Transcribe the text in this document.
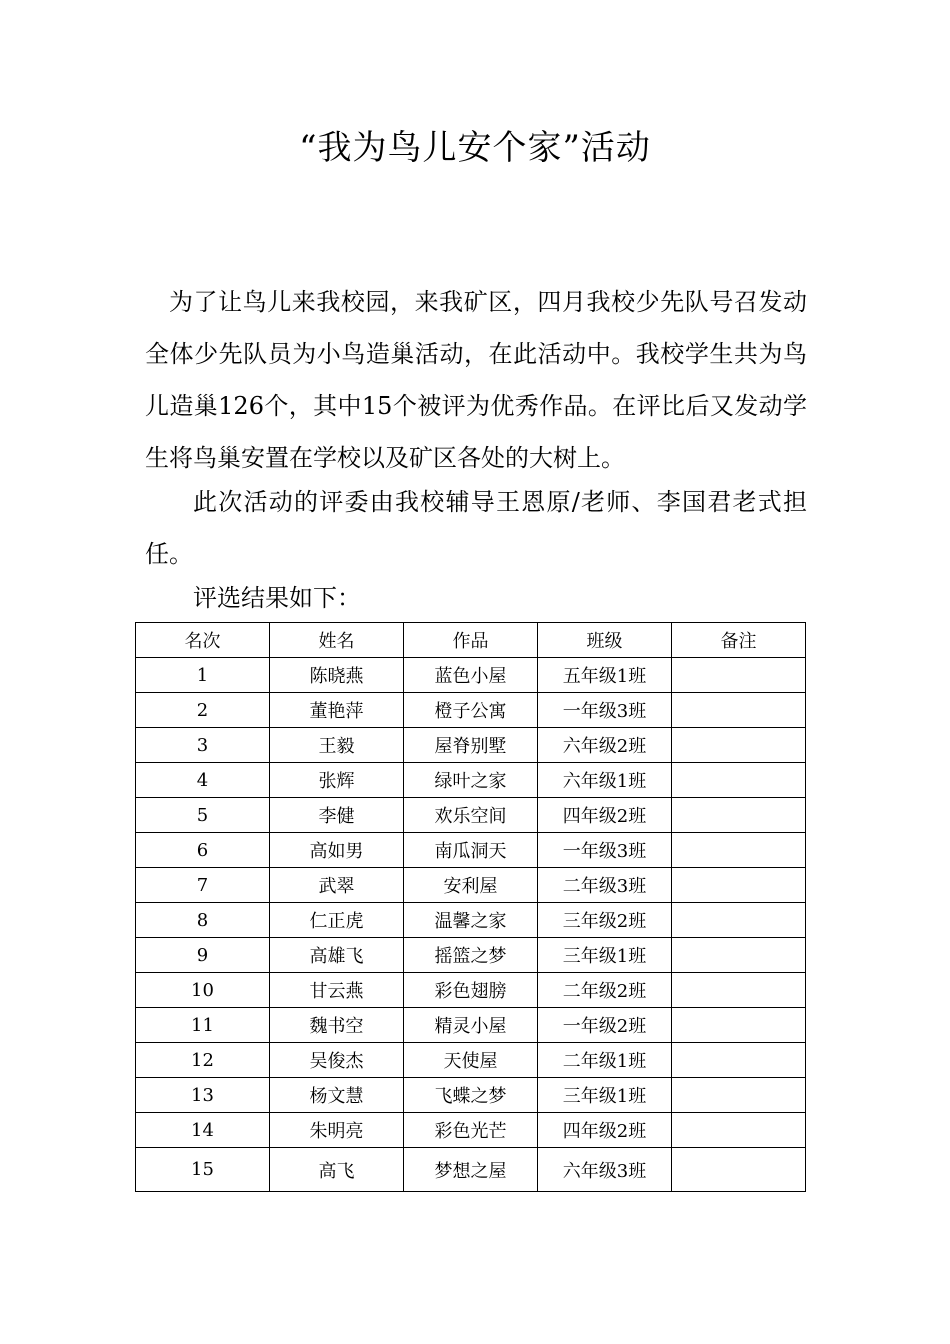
“我为鸟儿安个家”活动

为了让鸟儿来我校园，来我矿区，四月我校少先队号召发动全体少先队员为小鸟造巢活动，在此活动中。我校学生共为鸟儿造巢126个，其中15个被评为优秀作品。在评比后又发动学生将鸟巢安置在学校以及矿区各处的大树上。

此次活动的评委由我校辅导王恩原/老师、李国君老式担任。

评选结果如下：

名次	姓名	作品	班级	备注
1	陈晓燕	蓝色小屋	五年级1班	
2	董艳萍	橙子公寓	一年级3班	
3	王毅	屋脊别墅	六年级2班	
4	张辉	绿叶之家	六年级1班	
5	李健	欢乐空间	四年级2班	
6	高如男	南瓜洞天	一年级3班	
7	武翠	安利屋	二年级3班	
8	仁正虎	温馨之家	三年级2班	
9	高雄飞	摇篮之梦	三年级1班	
10	甘云燕	彩色翅膀	二年级2班	
11	魏书空	精灵小屋	一年级2班	
12	吴俊杰	天使屋	二年级1班	
13	杨文慧	飞蝶之梦	三年级1班	
14	朱明亮	彩色光芒	四年级2班	
15	高飞	梦想之屋	六年级3班	
